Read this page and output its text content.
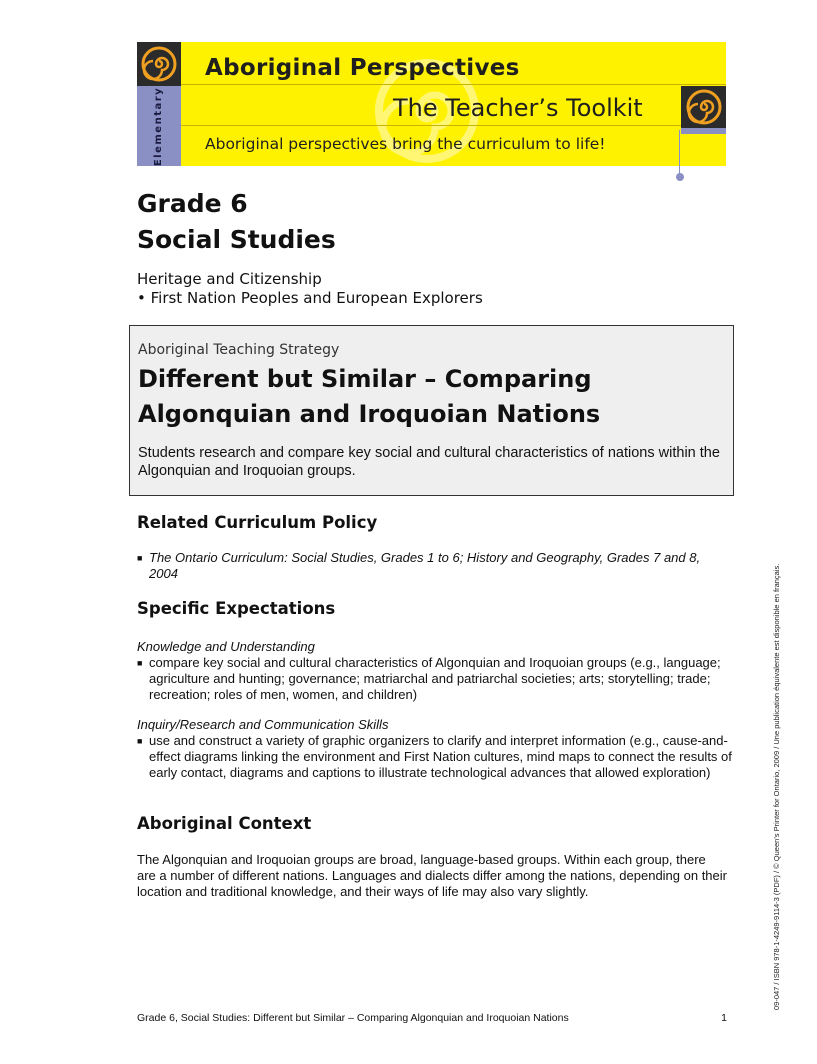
Elementary
Aboriginal Perspectives
The Teacher’s Toolkit
Aboriginal perspectives bring the curriculum to life!
Grade 6
Social Studies
Heritage and Citizenship
• First Nation Peoples and European Explorers
Aboriginal Teaching Strategy
Different but Similar – Comparing
Algonquian and Iroquoian Nations
Students research and compare key social and cultural characteristics of nations within the Algonquian and Iroquoian groups.
Related Curriculum Policy
■ The Ontario Curriculum: Social Studies, Grades 1 to 6; History and Geography, Grades 7 and 8, 2004
Specific Expectations
Knowledge and Understanding
■ compare key social and cultural characteristics of Algonquian and Iroquoian groups (e.g., language; agriculture and hunting; governance; matriarchal and patriarchal societies; arts; storytelling; trade; recreation; roles of men, women, and children)
Inquiry/Research and Communication Skills
■ use and construct a variety of graphic organizers to clarify and interpret information (e.g., cause-and-effect diagrams linking the environment and First Nation cultures, mind maps to connect the results of early contact, diagrams and captions to illustrate technological advances that allowed exploration)
Aboriginal Context
The Algonquian and Iroquoian groups are broad, language-based groups. Within each group, there are a number of different nations. Languages and dialects differ among the nations, depending on their location and traditional knowledge, and their ways of life may also vary slightly.	09-047 / ISBN 978-1-4249-9114-3 (PDF) / © Queen’s Printer for Ontario, 2009 / Une publication équivalente est disponible en français.
Grade 6, Social Studies: Different but Similar – Comparing Algonquian and Iroquoian Nations	1
